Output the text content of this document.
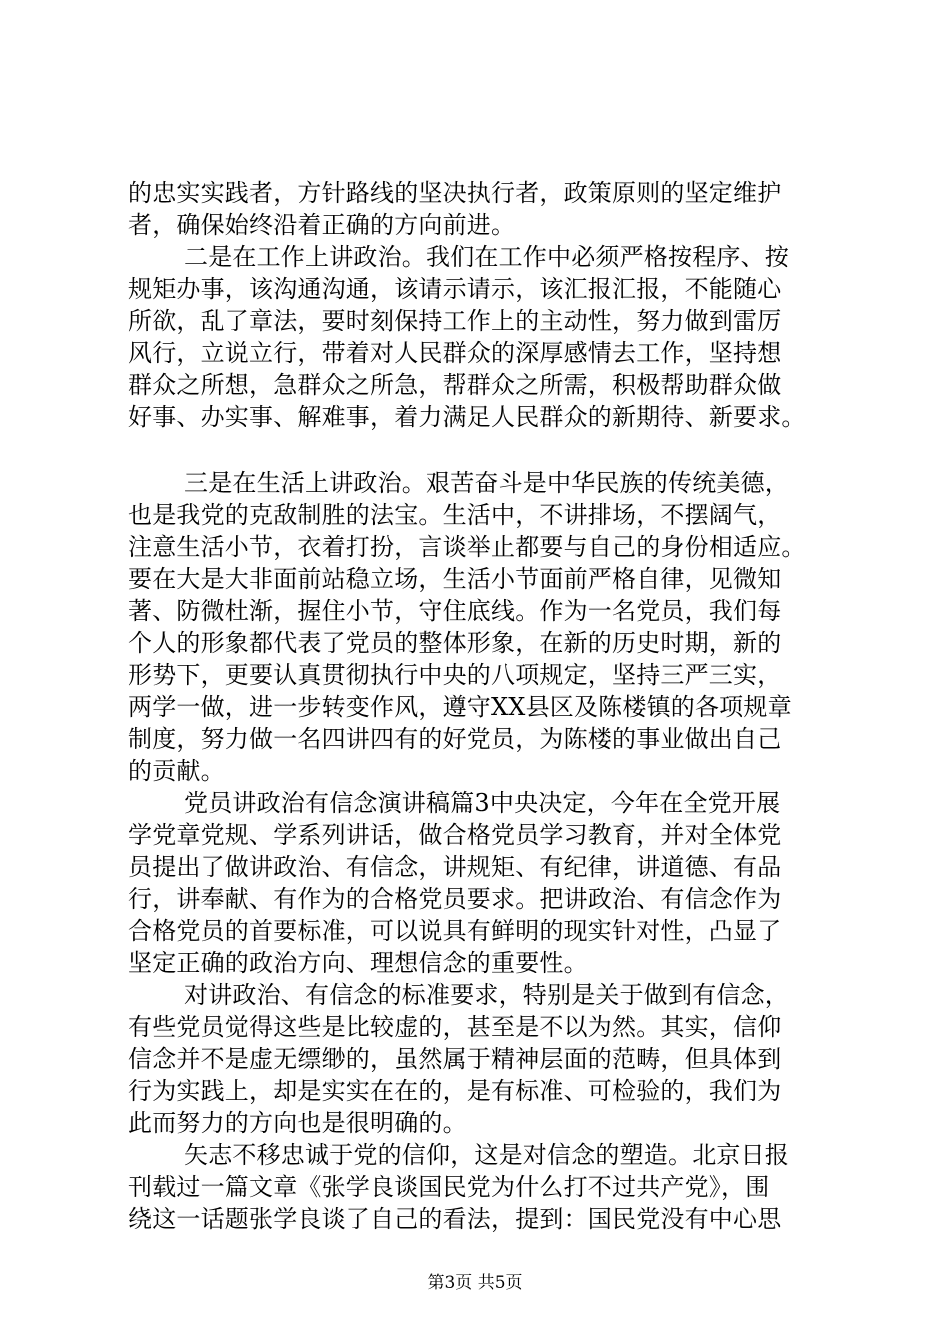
的忠实实践者，方针路线的坚决执行者，政策原则的坚定维护
者，确保始终沿着正确的方向前进。
二是在工作上讲政治。我们在工作中必须严格按程序、按
规矩办事，该沟通沟通，该请示请示，该汇报汇报，不能随心
所欲，乱了章法，要时刻保持工作上的主动性，努力做到雷厉
风行，立说立行，带着对人民群众的深厚感情去工作，坚持想
群众之所想，急群众之所急，帮群众之所需，积极帮助群众做
好事、办实事、解难事，着力满足人民群众的新期待、新要求。
三是在生活上讲政治。艰苦奋斗是中华民族的传统美德，
也是我党的克敌制胜的法宝。生活中，不讲排场，不摆阔气，
注意生活小节，衣着打扮，言谈举止都要与自己的身份相适应。
要在大是大非面前站稳立场，生活小节面前严格自律，见微知
著、防微杜渐，握住小节，守住底线。作为一名党员，我们每
个人的形象都代表了党员的整体形象，在新的历史时期，新的
形势下，更要认真贯彻执行中央的八项规定，坚持三严三实，
两学一做，进一步转变作风，遵守XX县区及陈楼镇的各项规章
制度，努力做一名四讲四有的好党员，为陈楼的事业做出自己
的贡献。
党员讲政治有信念演讲稿篇3中央决定，今年在全党开展
学党章党规、学系列讲话，做合格党员学习教育，并对全体党
员提出了做讲政治、有信念，讲规矩、有纪律，讲道德、有品
行，讲奉献、有作为的合格党员要求。把讲政治、有信念作为
合格党员的首要标准，可以说具有鲜明的现实针对性，凸显了
坚定正确的政治方向、理想信念的重要性。
对讲政治、有信念的标准要求，特别是关于做到有信念，
有些党员觉得这些是比较虚的，甚至是不以为然。其实，信仰
信念并不是虚无缥缈的，虽然属于精神层面的范畴，但具体到
行为实践上，却是实实在在的，是有标准、可检验的，我们为
此而努力的方向也是很明确的。
矢志不移忠诚于党的信仰，这是对信念的塑造。北京日报
刊载过一篇文章《张学良谈国民党为什么打不过共产党》，围
绕这一话题张学良谈了自己的看法，提到：国民党没有中心思
第3页 共5页
